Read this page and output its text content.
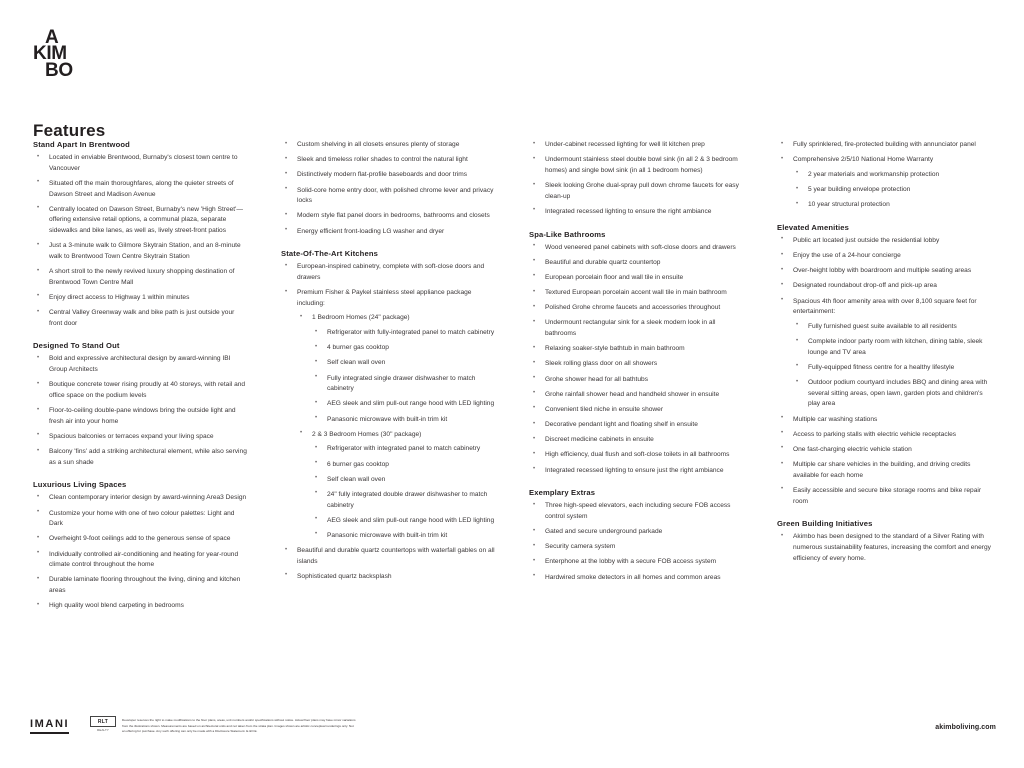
A
KIM
BO
Features
Stand Apart In Brentwood
• Located in enviable Brentwood, Burnaby's closest town centre to Vancouver
• Situated off the main thoroughfares, along the quieter streets of Dawson Street and Madison Avenue
• Centrally located on Dawson Street, Burnaby's new 'High Street'—offering extensive retail options, a communal plaza, separate sidewalks and bike lanes, as well as, lively street-front patios
• Just a 3-minute walk to Gilmore Skytrain Station, and an 8-minute walk to Brentwood Town Centre Skytrain Station
• A short stroll to the newly revived luxury shopping destination of Brentwood Town Centre Mall
• Enjoy direct access to Highway 1 within minutes
• Central Valley Greenway walk and bike path is just outside your front door
Designed To Stand Out
• Bold and expressive architectural design by award-winning IBI Group Architects
• Boutique concrete tower rising proudly at 40 storeys, with retail and office space on the podium levels
• Floor-to-ceiling double-pane windows bring the outside light and fresh air into your home
• Spacious balconies or terraces expand your living space
• Balcony 'fins' add a striking architectural element, while also serving as a sun shade
Luxurious Living Spaces
• Clean contemporary interior design by award-winning Area3 Design
• Customize your home with one of two colour palettes: Light and Dark
• Overheight 9-foot ceilings add to the generous sense of space
• Individually controlled air-conditioning and heating for year-round climate control throughout the home
• Durable laminate flooring throughout the living, dining and kitchen areas
• High quality wool blend carpeting in bedrooms
• Custom shelving in all closets ensures plenty of storage
• Sleek and timeless roller shades to control the natural light
• Distinctively modern flat-profile baseboards and door trims
• Solid-core home entry door, with polished chrome lever and privacy locks
• Modern style flat panel doors in bedrooms, bathrooms and closets
• Energy efficient front-loading LG washer and dryer
State-Of-The-Art Kitchens
• European-inspired cabinetry, complete with soft-close doors and drawers
• Premium Fisher & Paykel stainless steel appliance package including:
• 1 Bedroom Homes (24" package)
• Refrigerator with fully-integrated panel to match cabinetry
• 4 burner gas cooktop
• Self clean wall oven
• Fully integrated single drawer dishwasher to match cabinetry
• AEG sleek and slim pull-out range hood with LED lighting
• Panasonic microwave with built-in trim kit
• 2 & 3 Bedroom Homes (30" package)
• Refrigerator with integrated panel to match cabinetry
• 6 burner gas cooktop
• Self clean wall oven
• 24" fully integrated double drawer dishwasher to match cabinetry
• AEG sleek and slim pull-out range hood with LED lighting
• Panasonic microwave with built-in trim kit
• Beautiful and durable quartz countertops with waterfall gables on all islands
• Sophisticated quartz backsplash
• Under-cabinet recessed lighting for well lit kitchen prep
• Undermount stainless steel double bowl sink (in all 2 & 3 bedroom homes) and single bowl sink (in all 1 bedroom homes)
• Sleek looking Grohe dual-spray pull down chrome faucets for easy clean-up
• Integrated recessed lighting to ensure the right ambiance
Spa-Like Bathrooms
• Wood veneered panel cabinets with soft-close doors and drawers
• Beautiful and durable quartz countertop
• European porcelain floor and wall tile in ensuite
• Textured European porcelain accent wall tile in main bathroom
• Polished Grohe chrome faucets and accessories throughout
• Undermount rectangular sink for a sleek modern look in all bathrooms
• Relaxing soaker-style bathtub in main bathroom
• Sleek rolling glass door on all showers
• Grohe shower head for all bathtubs
• Grohe rainfall shower head and handheld shower in ensuite
• Convenient tiled niche in ensuite shower
• Decorative pendant light and floating shelf in ensuite
• Discreet medicine cabinets in ensuite
• High efficiency, dual flush and soft-close toilets in all bathrooms
• Integrated recessed lighting to ensure just the right ambiance
Exemplary Extras
• Three high-speed elevators, each including secure FOB access control system
• Gated and secure underground parkade
• Security camera system
• Enterphone at the lobby with a secure FOB access system
• Hardwired smoke detectors in all homes and common areas
• Fully sprinklered, fire-protected building with annunciator panel
• Comprehensive 2/5/10 National Home Warranty
• 2 year materials and workmanship protection
• 5 year building envelope protection
• 10 year structural protection
Elevated Amenities
• Public art located just outside the residential lobby
• Enjoy the use of a 24-hour concierge
• Over-height lobby with boardroom and multiple seating areas
• Designated roundabout drop-off and pick-up area
• Spacious 4th floor amenity area with over 8,100 square feet for entertainment:
• Fully furnished guest suite available to all residents
• Complete indoor party room with kitchen, dining table, sleek lounge and TV area
• Fully-equipped fitness centre for a healthy lifestyle
• Outdoor podium courtyard includes BBQ and dining area with several sitting areas, open lawn, garden plots and children's play area
• Multiple car washing stations
• Access to parking stalls with electric vehicle receptacles
• One fast-charging electric vehicle station
• Multiple car share vehicles in the building, and driving credits available for each home
• Easily accessible and secure bike storage rooms and bike repair room
Green Building Initiatives
• Akimbo has been designed to the standard of a Silver Rating with numerous sustainability features, increasing the comfort and energy efficiency of every home.
IMANI	RLT
REALTY
Developer reserves the right to make modifications to the floor plans, areas, unit numbers and/or specifications without notice. Actual floor plans may have minor variations from the illustrations shown. Measurements are based on architectural units and not taken from the strata plan. Images shown are artistic conceptual renderings only. Not an offering for purchase. Any such offering can only be made with a Disclosure Statement. E.&O.E.
akimboliving.com
